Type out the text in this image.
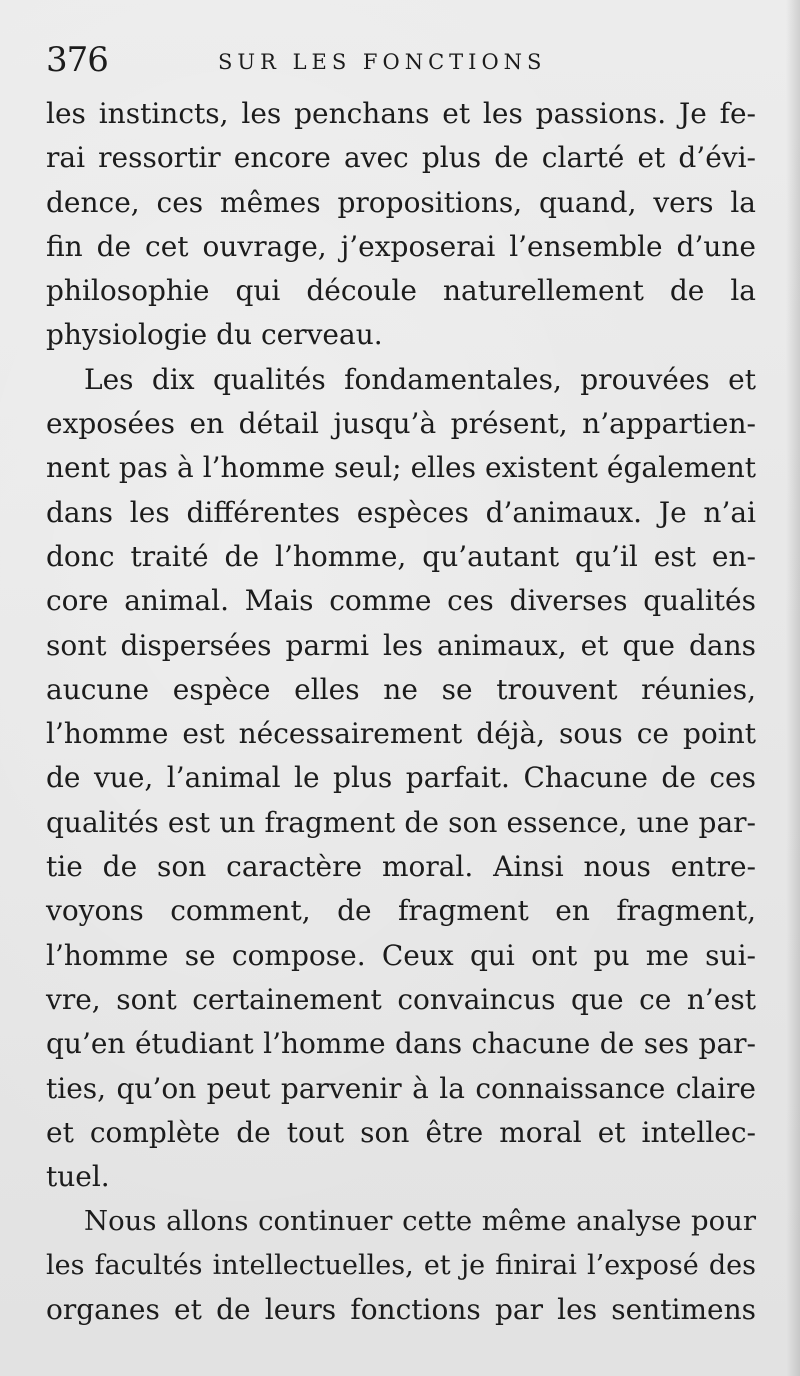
376	SUR LES FONCTIONS
les instincts, les penchans et les passions. Je fe-
rai ressortir encore avec plus de clarté et d’évi-
dence, ces mêmes propositions, quand, vers la
fin de cet ouvrage, j’exposerai l’ensemble d’une
philosophie qui découle naturellement de la
physiologie du cerveau.
Les dix qualités fondamentales, prouvées et
exposées en détail jusqu’à présent, n’appartien-
nent pas à l’homme seul; elles existent également
dans les différentes espèces d’animaux. Je n’ai
donc traité de l’homme, qu’autant qu’il est en-
core animal. Mais comme ces diverses qualités
sont dispersées parmi les animaux, et que dans
aucune espèce elles ne se trouvent réunies,
l’homme est nécessairement déjà, sous ce point
de vue, l’animal le plus parfait. Chacune de ces
qualités est un fragment de son essence, une par-
tie de son caractère moral. Ainsi nous entre-
voyons comment, de fragment en fragment,
l’homme se compose. Ceux qui ont pu me sui-
vre, sont certainement convaincus que ce n’est
qu’en étudiant l’homme dans chacune de ses par-
ties, qu’on peut parvenir à la connaissance claire
et complète de tout son être moral et intellec-
tuel.
Nous allons continuer cette même analyse pour
les facultés intellectuelles, et je finirai l’exposé des
organes et de leurs fonctions par les sentimens
